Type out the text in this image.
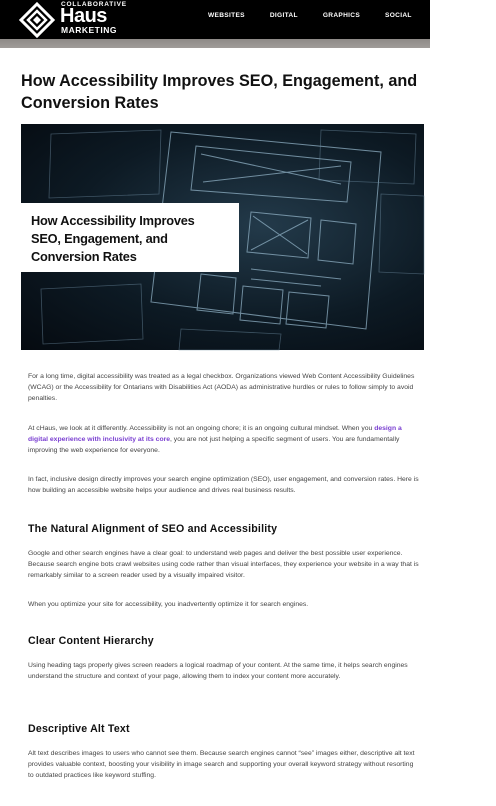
COLLABORATIVE
Haus
MARKETING
WEBSITES	DIGITAL	GRAPHICS	SOCIAL	CONTENT
How Accessibility Improves SEO, Engagement, and Conversion Rates
How Accessibility Improves
SEO, Engagement, and
Conversion Rates

For a long time, digital accessibility was treated as a legal checkbox. Organizations viewed Web Content Accessibility Guidelines (WCAG) or the Accessibility for Ontarians with Disabilities Act (AODA) as administrative hurdles or rules to follow simply to avoid penalties.

At cHaus, we look at it differently. Accessibility is not an ongoing chore; it is an ongoing cultural mindset. When you design a digital experience with inclusivity at its core, you are not just helping a specific segment of users. You are fundamentally improving the web experience for everyone.

In fact, inclusive design directly improves your search engine optimization (SEO), user engagement, and conversion rates. Here is how building an accessible website helps your audience and drives real business results.

The Natural Alignment of SEO and Accessibility

Google and other search engines have a clear goal: to understand web pages and deliver the best possible user experience. Because search engine bots crawl websites using code rather than visual interfaces, they experience your website in a way that is remarkably similar to a screen reader used by a visually impaired visitor.

When you optimize your site for accessibility, you inadvertently optimize it for search engines.

Clear Content Hierarchy

Using heading tags properly gives screen readers a logical roadmap of your content. At the same time, it helps search engines understand the structure and context of your page, allowing them to index your content more accurately.

Descriptive Alt Text

Alt text describes images to users who cannot see them. Because search engines cannot “see” images either, descriptive alt text provides valuable context, boosting your visibility in image search and supporting your overall keyword strategy without resorting to outdated practices like keyword stuffing.
